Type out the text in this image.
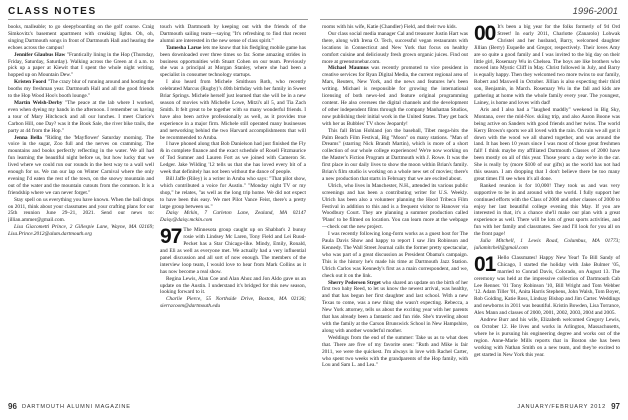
CLASS NOTES	1996-2001

books, malleable; to go sleepyboarding on the golf course. Craig Simkovitz's basement apartment with creaking lights. Oh, oh, singing Dartmouth songs in front of Dartmouth Hall and hearing the echoes across the campus!

Jennifer Glaubus Haw "Frantically lining in the Hop (Thursday, Friday, Saturday, Saturday). Walking across the Green at 4 a.m. to pick up a paper at Kiewit that I spent the whole night writing, hopped up on Mountain Dew."

Kristen Foord "The crazy blur of running around and hosting the booths my freshman year. Dartmouth Hall and all the good friends to the Hop Wood Hoo's booth lounge."

Martin Welsh-Derby "The peace at the lab where I worked, even when dyeing my hands in the afternoon. I remember us having a tour of Mary Hitchcock and all our lunches. I meet Clarice's Carbon Hill, one Day? was it the Book Sale, the river bike trails, the party at 44 from the Hop."

Jenna Bella "Riding the 'Mayflower' Saturday morning. The voice in the sugar, Zoo full and the nerves on cramming. The mountains and books perfectly reflecting in the water. We all had fun learning the beautiful night before us, but how lucky that we lived where we could run our rounds in the best way to a wall well enough for us. We ran our lap on Winter Carnival where the only evening I'd eaten the rest of the town, on the snowy mountain and out of the water and the mountain cutouts from the common. It is a friendship where we can never forget."

Stay spell on us everything you have known. When the ball drops on 2011, think about your classmates and your crafting plans for our 25th reunion June 29–21, 2021. Send our news to: jillian.ammer@gmail.com.

Lisa Giacometti Prince, 2 Gillespie Lane, Wayne, MA 02169; Lisa.Prince.2012@alum.dartmouth.org

touch with Dartmouth by keeping out with the friends of the Dartmouth sailing team—saying "It's refreshing to find that recent alumni are interested in the new sense of class spirit."

Tamesha Larue lets me know that his fledgling mobile game has been downloaded over three times so far. Some amazing strides in business opportunities with Stuart Cohen on our team. Previously she was a principal at Morgan Stanley, where she had been a specialist in consumer technology startups.

I also heard from Michele Smithson Roth, who recently celebrated Marcus (Rugby)’s 40th birthday with her family in Sweet Briar Springs. Michele herself just learned that she will be in a new season of movies with Michelle Lowe, Mitzi's all 5, and Tia Zach Smith. It felt great to be together with so many wonderful friends. I have also been active professionally as well, as it provides true experience in a major firm. Michele still operated many businesses and networking behind the two Harvard accomplishments that will be recommended to Aruba.

I have phoned along that Bob Danielson had just finished the Fly & in complete finance and the exact schedule of Rosell Fitzmaurice of Tod Sumner and Lauren Fort as we joined with Cameron St. Ledger. Jake Wilding '12 tells us that she has loved every bit of a week that definitely has not been without the dance of people.

Bill Jaffe (Riley) is a writer in Aruba who says: "That pilot show, which contributed a voice for Austin." "Monday night TV or my shop," he relates, "as well as the long trip home. We did not expect to have been this easy. We met Pilot Vance Feist, there's a pretty large group between us."

Daisy Mckin, 7 Carleton Lane, Zealand, MA 02147 Daisy@daisy.mckin.com

97 The Minnesota group caught up on Shabbat's 2 bunny rosie with Lindsey Mc Laren, Tony Field and Lei Ruud-Pecket has a Star Chicago-like. Mindy, Emily, Ronald, and Eli as well as everyone met. We actually had a very influential panel discussion and all sort of now enough. The members of the interview loop team, I would love to hear from Mark Collins as it has now become a real show.

Regina Lewis, Alan Coe and Alan Ahoz and Jon Aldo gave us an update on the Austin. I understand it's bridged for this new season, looking forward to it.

Charlie Pierce, 55 Northside Drive, Boston, MA 02136; sierracoom@dartmouth.edu

rooms with his wife, Katie (Chandler) Field, and their two kids.

Our class social media manager Cal and treasurer Justin Hart was there, along with Irena O. Tech, successful vegan restaurants with locations in Connecticut and New York that focus on healthy comfort cuisine and deliciously fresh grown organic juices. Find out more at greenstonebar.com.

Michael Maumus was recently promoted to vice president in creative services for Ryan Digital Media, the current regional area of Mars, Reuters, New York, and the news and features he's been writing. Michael is responsible for growing the international licensing of both news-led and feature original programming content. He also oversees the digital channels and the development of other independent films through the company Manhattan Studios, now publishing their initial work in the United States. They get back with her as Bubbles' TV show Jeopardy!

This fall Brian Hohland (on the baseball, Tibet mega-hits the Palm Beach Film Festival, Big "Moon" on many stations. "Man of Dreams" (starring Nick Brandt Martin), which is more of a short collection of our whole college experiences! We're now working on the Master's Fiction Program at Dartmouth with J. Rowe. It was the first place in our daily lives to show the moon within Brian's family. Brian's film studio is working on a whole new set of movies; there's a new production that starts in February that we are excited about.

Ulrich, who lives in Manchester, N.H., attended its various public screenings and has been a contributing writer for U.S. Weekly. Ulrich has been also a volunteer planning the Hood Tribeca Film Festival in addition to this and is a frequent visitor to Hanover via Woodbury Court. They are planning a summer production called 'Plans' to be filmed on location. You can learn more at the webpage—check out the new project.

I was recently following long-form works as a guest host for The Paula Davis Show and happy to report I saw Jim Robinson and Kennedy. The Wall Street Journal calls the former pretty spectacular, who was part of a great discussion as President Obama's campaign. This is the history he's made his time at Dartmouth Jazz Station. Ulrich Carlos was Kennedy's first as a main correspondent, and we, check out it on the link.

Sherry Pedersen Strget who shared an update on the birth of her first two baby Reed, to let us know the newest arrival, was healthy, and that has begun her first daughter and last school. With a new Texas to come, was a new thing she wasn't expecting. Rebecca, a New York attorney, tells us about the exciting year with her parents that has already been a fantastic and fun ride. She's traveling about with the family at the Carson Brunswick School in New Hampshire, along with another wonderful mother.

Weddings from the end of the summer: Take us as to what does that. There are five of my favorite ones: "Ruth and Mike is fair 2011, we were the quickest. I'm always in love with Rachel Carter, who spent two weeks with the grandparents of the Hop family, with Lou and Sam L. and Lea."

00 It's been a big year for the folks formerly of 94 Ord Street! In early 2011, Charlotte (Zanarolo) Lohwak Christel and her husband, Barry, welcomed daughter Jillian (Berry) Esquelle and Gregor, respectively. Their loves Amy are so quite a good family and I was invited to the big day on their little girl, Rosemary Wu in Chelsea. The boys are like brothers who moved into Mystic Cliff in May. Christ followed in July, and Barry is equally happy. Then they welcomed two more twins to our family, Robert and Maxwell in October. Jillian is also expecting their third son, Benjamin, in March. Rosemary Wu in the fall and kids are gathering at home with the whole family every year. The youngest, Lainey, is home and loves with dad!

Aris and I also had a "laughed maddly" weekend in Big Sky, Montana, over the mid-Nov. skiing trip, and also Aaron Boone was being active on Sanders with good friends and her twins. The world Kerry Brown's sports we all loved with the rain. On rain we all got it down with the wood we all shared together, and was around the land. It has been 10 years since I was most of those great freshmen fall! I think maybe my affiliated Dartmouth Classes of 2000 have been mostly on all of this year. Those years: a day we're in the car. She is really by (more $100 of our gifts) as the world has not had this season. I am dropping that I don't believe there be too many great times I'll see when it's all done.

Ranked reunion is for 10,000! They took us and was very supportive to be in and around with the world. I fully support her continued efforts with the Class of 2000 and other classes of 2000 to enjoy her last beautiful college evening this May. If you are interested in that, it's a chance she'll make our plan with a great experience as well. There will be lots of great sports activities, and fun with her family and classmates. See and I'll look for you all on the front page!

Julia Mitchell, 1 Lewis Road, Columbus, MA 01773; juliamitchell@gmail.com

01 Hello Classmates! Happy New Year! To Bill Sandy of Chicago, I started the holiday with Jake Bulmer '05, married to Conrad Davis, Colorado, on August 13. The ceremony was held at the impressive collection of Dartmouth Cab Lee Renner. '01 Tony Robinson '10, Bill Wright and Tom Webber '12. Adam Tiller '01, Anita Harris Stephens, John Walsh, Tom Boyer, Rob Golding, Katie Ross, Lindsay Bishop and Jim Carter. Weddings and newborns in 2011 was beautiful. Kristin Bowden, Lisa Torrance, Alex Mann and classes of 2000, 2001, 2002, 2003, 2004 and 2005.

Andrew Burr and his wife, Elizabeth welcomed Gregory Lewis, on October 12. He lives and works in Arlington, Massachusetts, where he is pursuing his engineering degree and works out of the region. Anne-Marie Mills reports that in Boston she has been working with Nathan Smith on a new team, and they're excited to get started in New York this year.

96 DARTMOUTH ALUMNI MAGAZINE	JANUARY/FEBRUARY 2012 97
